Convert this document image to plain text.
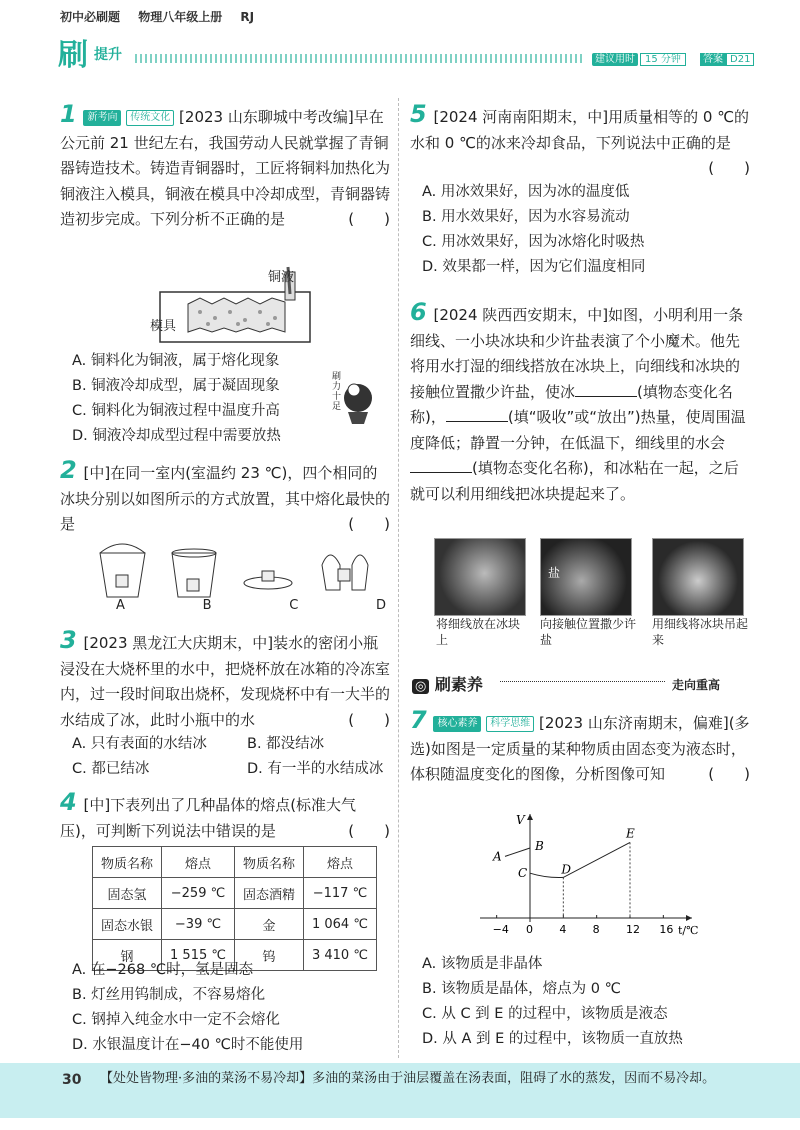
初中必刷题 物理八年级上册 RJ
刷 提升	建议用时 15 分钟	答案 D21
1 新考向 传统文化 [2023 山东聊城中考改编]早在公元前 21 世纪左右，我国劳动人民就掌握了青铜器铸造技术。铸造青铜器时，工匠将铜料加热化为铜液注入模具，铜液在模具中冷却成型，青铜器铸造初步完成。下列分析不正确的是	(　　)
铜液
模具
A. 铜料化为铜液，属于熔化现象
B. 铜液冷却成型，属于凝固现象
C. 铜料化为铜液过程中温度升高
D. 铜液冷却成型过程中需要放热
刷力十足
2 [中]在同一室内(室温约 23 ℃)，四个相同的冰块分别以如图所示的方式放置，其中熔化最快的是	(　　)
A	B	C	D
3 [2023 黑龙江大庆期末，中]装水的密闭小瓶浸没在大烧杯里的水中，把烧杯放在冰箱的冷冻室内，过一段时间取出烧杯，发现烧杯中有一大半的水结成了冰，此时小瓶中的水	(　　)
A. 只有表面的水结冰	B. 都没结冰
C. 都已结冰	D. 有一半的水结成冰
4 [中]下表列出了几种晶体的熔点(标准大气压)，可判断下列说法中错误的是	(　　)
物质名称	熔点	物质名称	熔点
固态氢	−259 ℃	固态酒精	−117 ℃
固态水银	−39 ℃	金	1 064 ℃
钢	1 515 ℃	钨	3 410 ℃
A. 在−268 ℃时，氢是固态
B. 灯丝用钨制成，不容易熔化
C. 钢掉入纯金水中一定不会熔化
D. 水银温度计在−40 ℃时不能使用
5 [2024 河南南阳期末，中]用质量相等的 0 ℃的水和 0 ℃的冰来冷却食品，下列说法中正确的是
(　　)
A. 用冰效果好，因为冰的温度低
B. 用水效果好，因为水容易流动
C. 用冰效果好，因为冰熔化时吸热
D. 效果都一样，因为它们温度相同
6 [2024 陕西西安期末，中]如图，小明利用一条细线、一小块冰块和少许盐表演了个小魔术。他先将用水打湿的细线搭放在冰块上，向细线和冰块的接触位置撒少许盐，使冰	(填物态变化名称)，	(填“吸收”或“放出”)热量，使周围温度降低；静置一分钟，在低温下，细线里的水会(填物态变化名称)，和冰粘在一起，之后就可以利用细线把冰块提起来了。
盐
将细线放在冰块上
向接触位置撒少许盐
用细线将冰块吊起来
◎ 刷素养	走向重高
7 核心素养 科学思维 [2023 山东济南期末，偏难](多选)如图是一定质量的某种物质由固态变为液态时，体积随温度变化的图像，分析图像可知	(　　)
V
t/℃
−4 0 4 8 12 16
A
B
C	D
E
A. 该物质是非晶体
B. 该物质是晶体，熔点为 0 ℃
C. 从 C 到 E 的过程中，该物质是液态
D. 从 A 到 E 的过程中，该物质一直放热
30 【处处皆物理·多油的菜汤不易冷却】多油的菜汤由于油层覆盖在汤表面，阻碍了水的蒸发，因而不易冷却。
